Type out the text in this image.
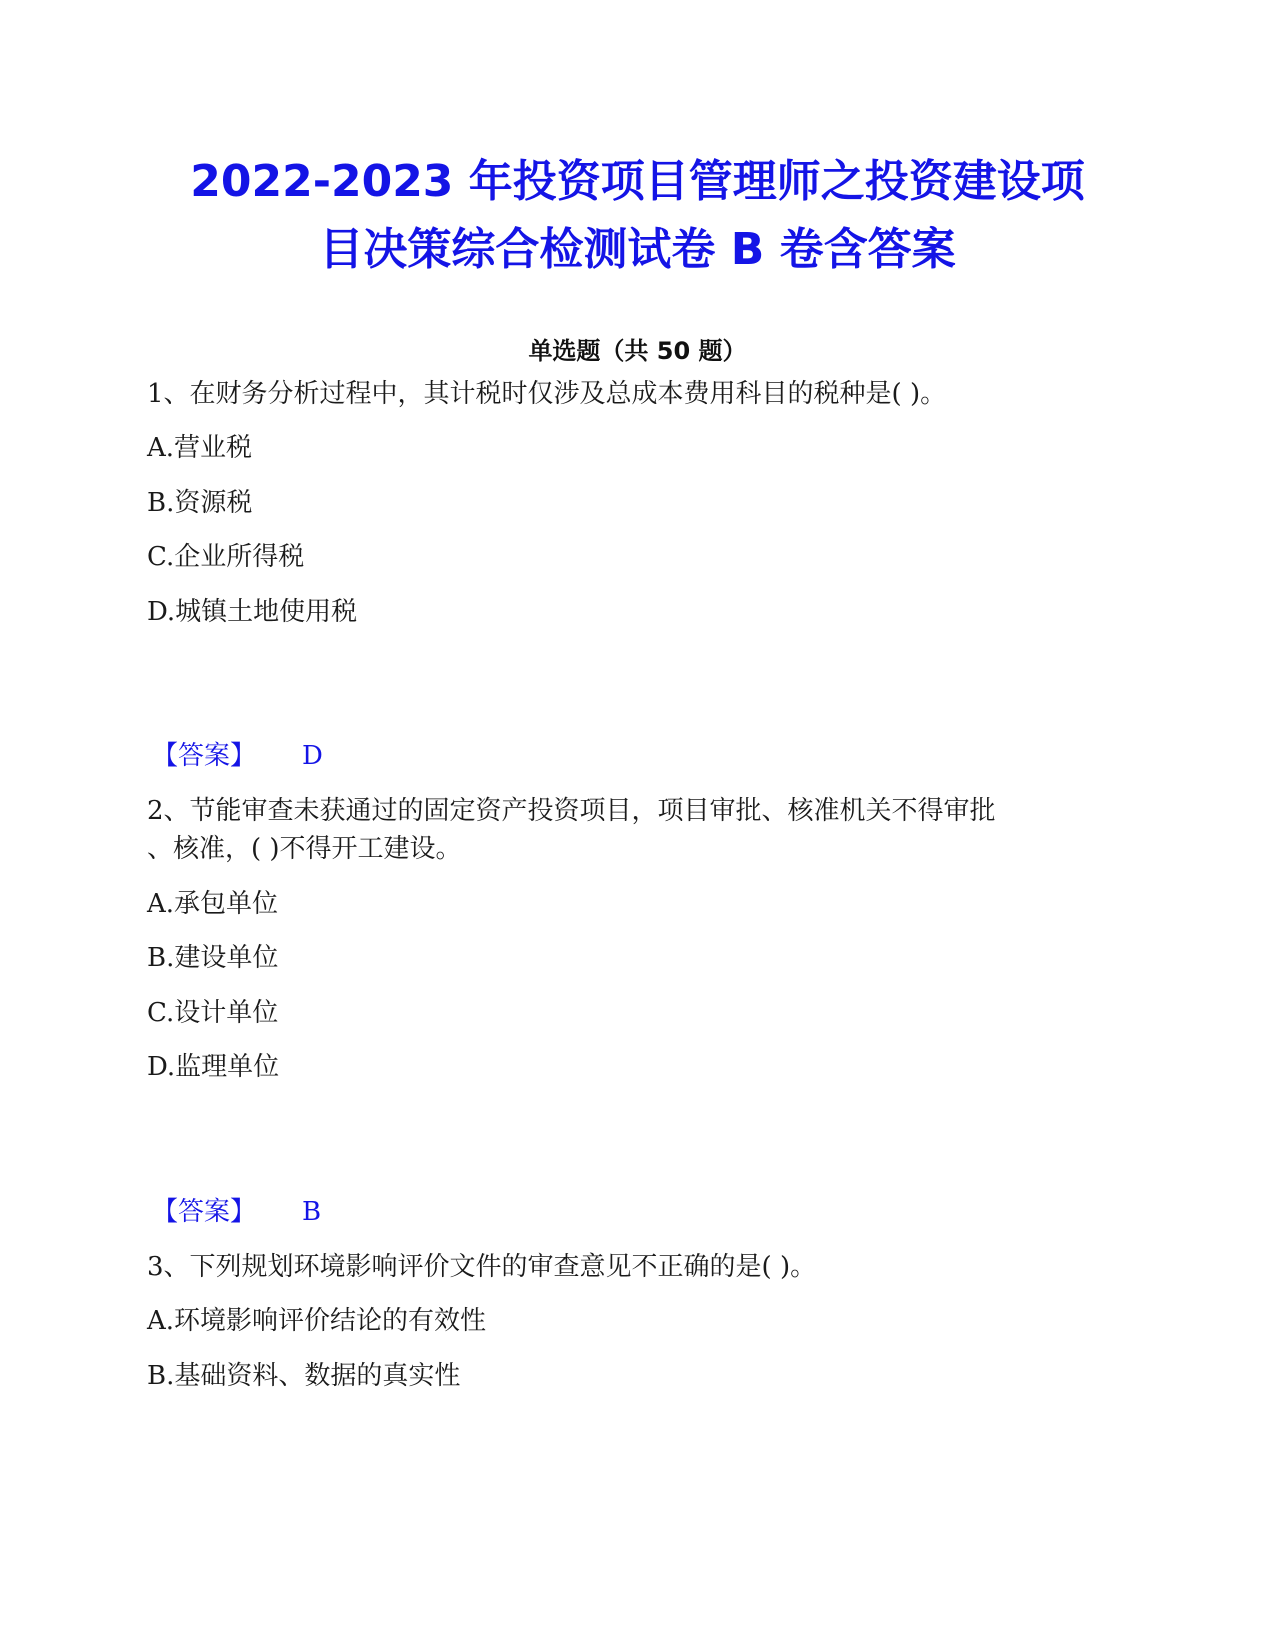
2022-2023 年投资项目管理师之投资建设项
目决策综合检测试卷 B 卷含答案
单选题（共 50 题）
1、在财务分析过程中，其计税时仅涉及总成本费用科目的税种是( )。
A.营业税
B.资源税
C.企业所得税
D.城镇土地使用税
【答案】 D
2、节能审查未获通过的固定资产投资项目，项目审批、核准机关不得审批
、核准，( )不得开工建设。
A.承包单位
B.建设单位
C.设计单位
D.监理单位
【答案】 B
3、下列规划环境影响评价文件的审查意见不正确的是( )。
A.环境影响评价结论的有效性
B.基础资料、数据的真实性
